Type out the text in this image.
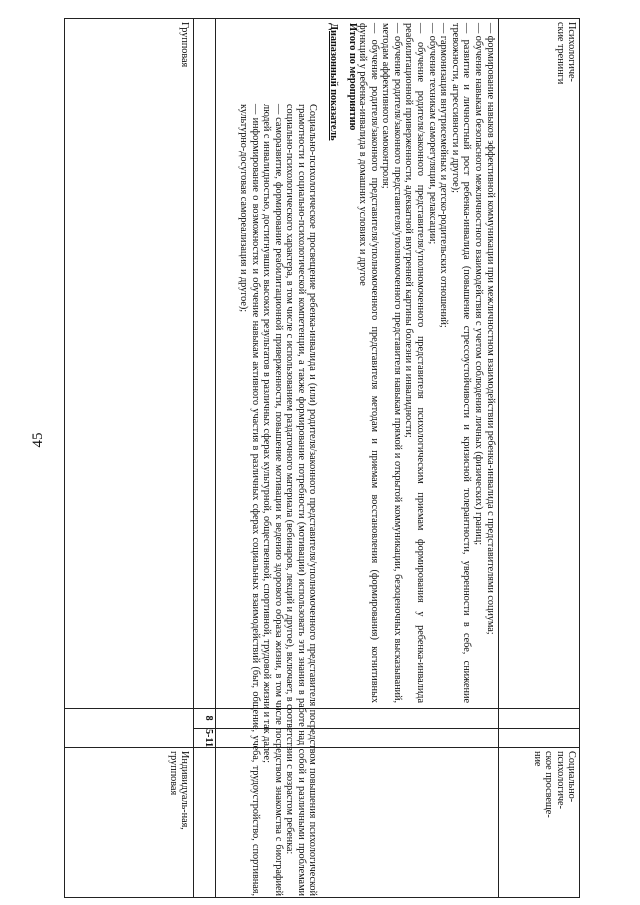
45
Психологиче-ские тренинги
— формирование навыков эффективной коммуникации при межличностном взаимодействии ребенка-инвалида с представителями социума;
— обучение навыкам безопасного межличностного взаимодействия с учетом соблюдения личных (физических) границ;
— развитие и личностный рост ребенка-инвалида (повышение стрессоустойчивости и кризисной толерантности, уверенности в себе, снижение тревожности, агрессивности и другое);
— гармонизация внутрисемейных и детско-родительских отношений;
— обучение техникам саморегуляции, релаксации;
— обучение родителя/законного представителя/уполномоченного представителя психологическим приемам формирования у ребенка-инвалида реабилитационной приверженности, адекватной внутренней картины болезни и инвалидности;
— обучение родителя/законного представителя/уполномоченного представителя навыкам прямой и открытой коммуникации, безоценочных высказываний, методам аффективного самоконтроля;
— обучение родителя/законного представителя/уполномоченного представителя методам и приемам восстановления (формирования) когнитивных функций у ребенка-инвалида в домашних условиях и другое
Групповая
8
5-11
Социально-психологиче-ское просвеще-ние
Индивидуаль-ная, групповая
Итого по мероприятию
Диапазонный показатель
Социально-психологическое просвещение ребенка-инвалида и (или) родителя/законного представителя/уполномоченного представителя посредством повышения психологической грамотности и социально-психологической компетенции, а также формирование потребности (мотивации) использовать эти знания в работе над собой и различными проблемами социально-психологического характера, в том числе с использованием раздаточного материала (вебинаров, лекций и другое), включает, в соответствии с возрастом ребенка:
— саморазвитие, формирование реабилитационной приверженности, повышение мотивации к ведению здорового образа жизни, в том числе посредством знакомства с биографией людей с инвалидностью, достигнувших высоких результатов в различных сферах культурной, общественной, спортивной, трудовой жизни и так далее;
— информирование о возможностях и обучение навыкам активного участия в различных сферах социальных взаимодействий (быт, общение, учеба, трудоустройство, спортивная, культурно-досуговая самореализация и другое);
